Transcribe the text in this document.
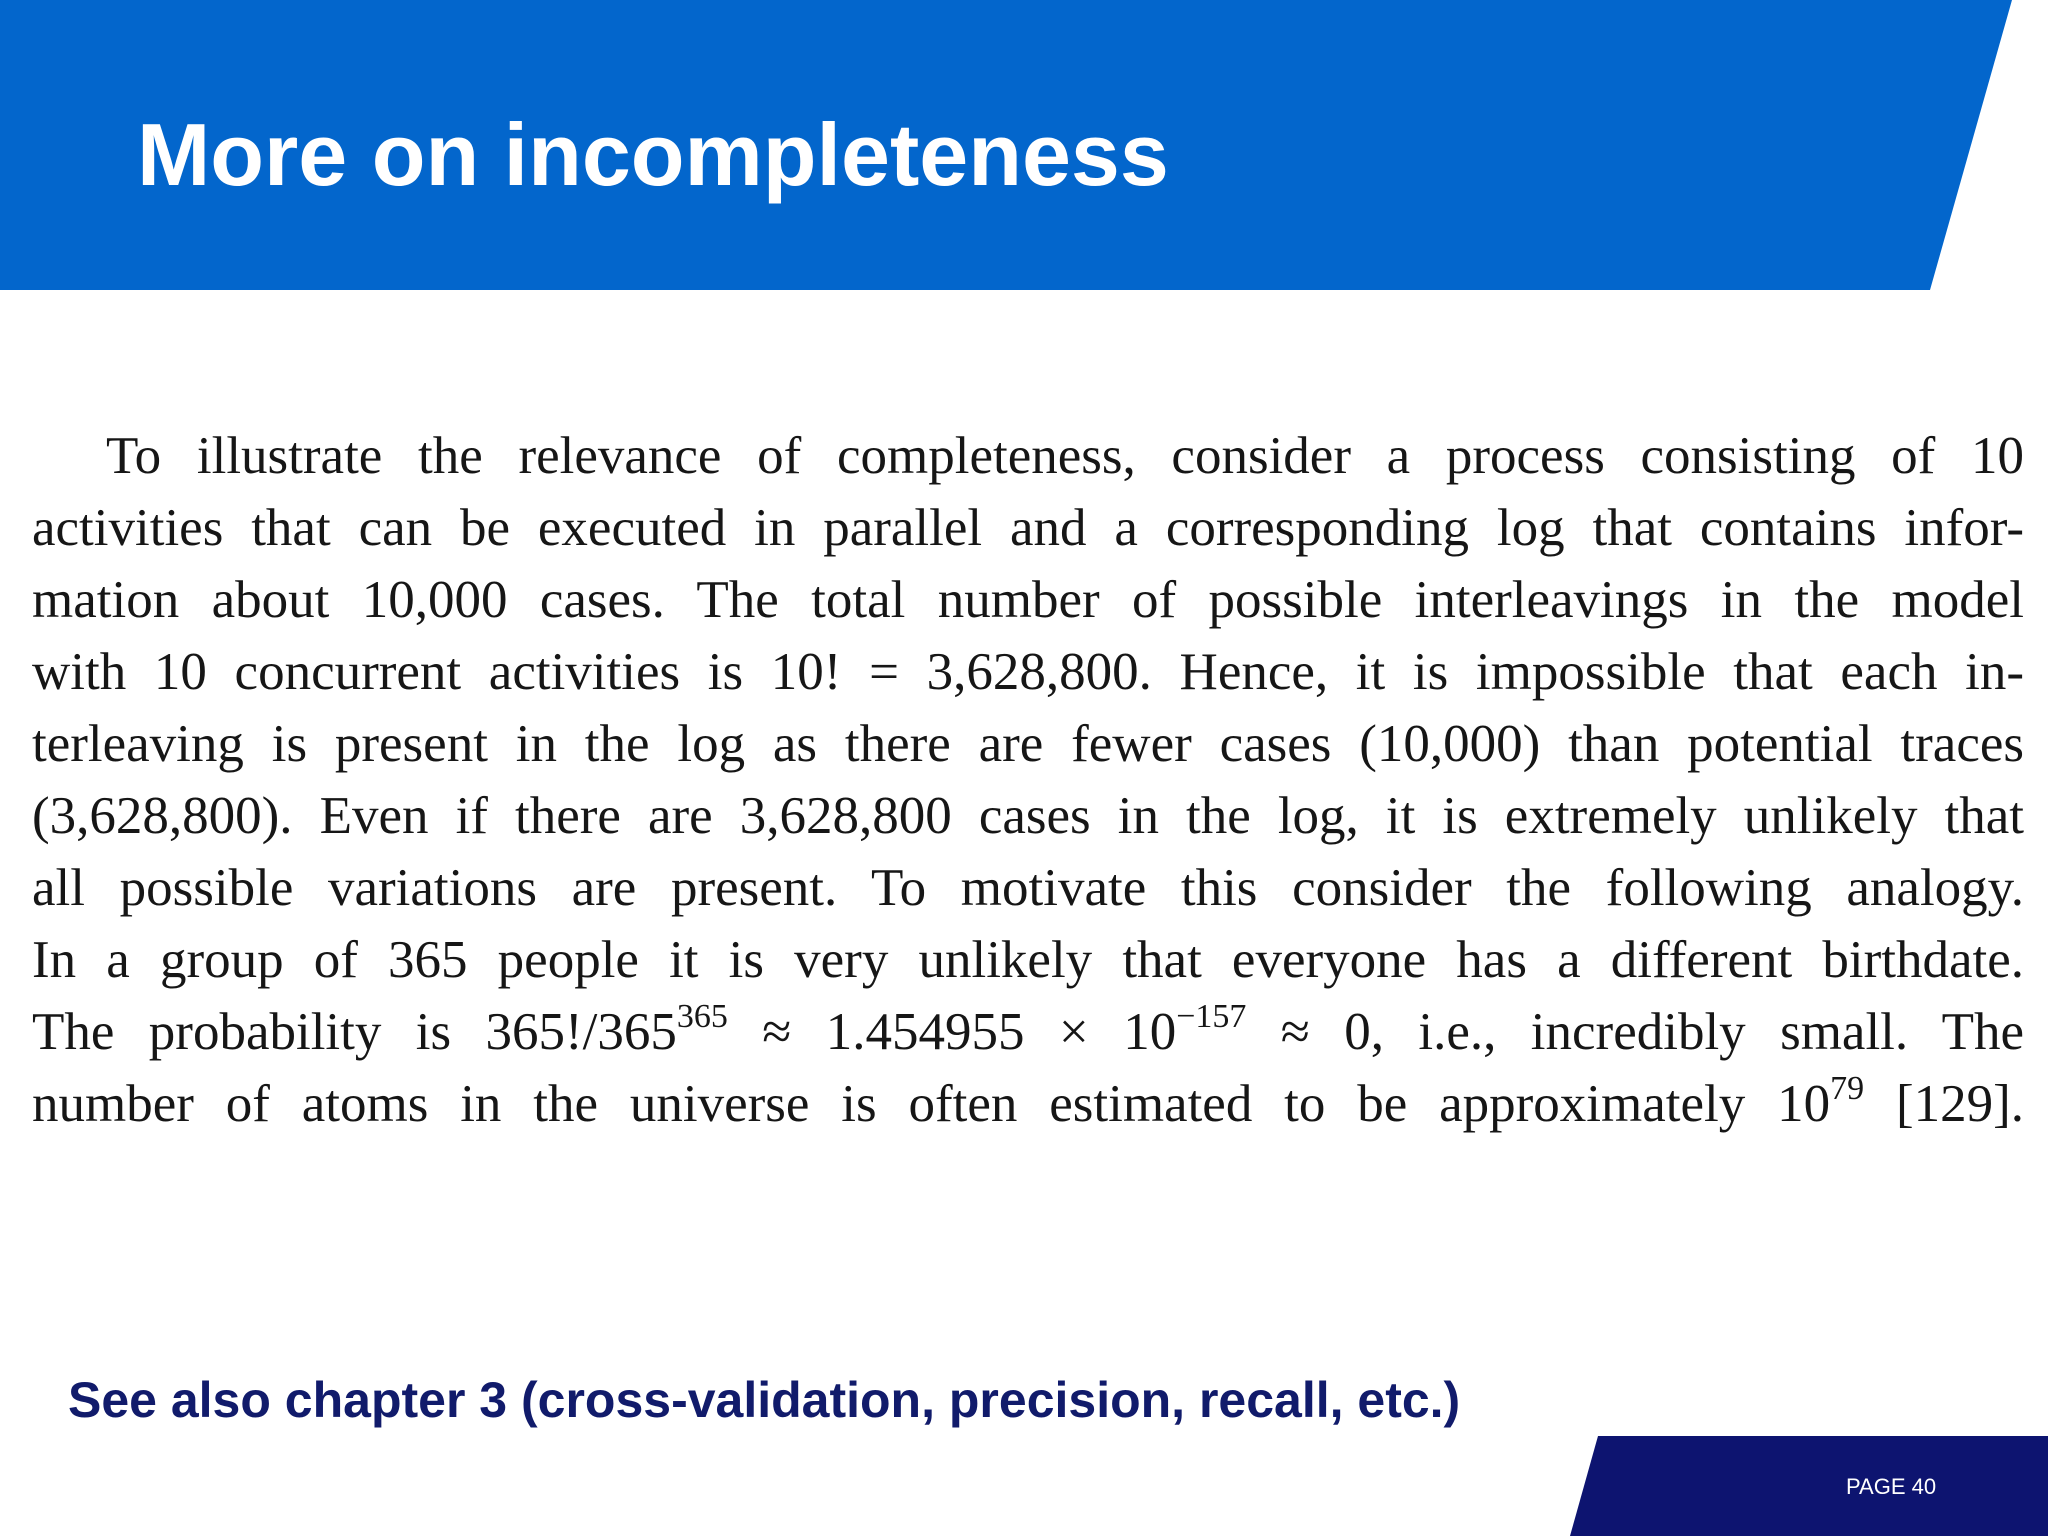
More on incompleteness
To illustrate the relevance of completeness, consider a process consisting of 10
activities that can be executed in parallel and a corresponding log that contains infor-
mation about 10,000 cases. The total number of possible interleavings in the model
with 10 concurrent activities is 10! = 3,628,800. Hence, it is impossible that each in-
terleaving is present in the log as there are fewer cases (10,000) than potential traces
(3,628,800). Even if there are 3,628,800 cases in the log, it is extremely unlikely that
all possible variations are present. To motivate this consider the following analogy.
In a group of 365 people it is very unlikely that everyone has a different birthdate.
The probability is $365!/365^{365} \approx 1.454955 \times 10^{-157} \approx 0$, i.e., incredibly small. The
number of atoms in the universe is often estimated to be approximately $10^{79}$ [129].

See also chapter 3 (cross-validation, precision, recall, etc.)

PAGE 40
